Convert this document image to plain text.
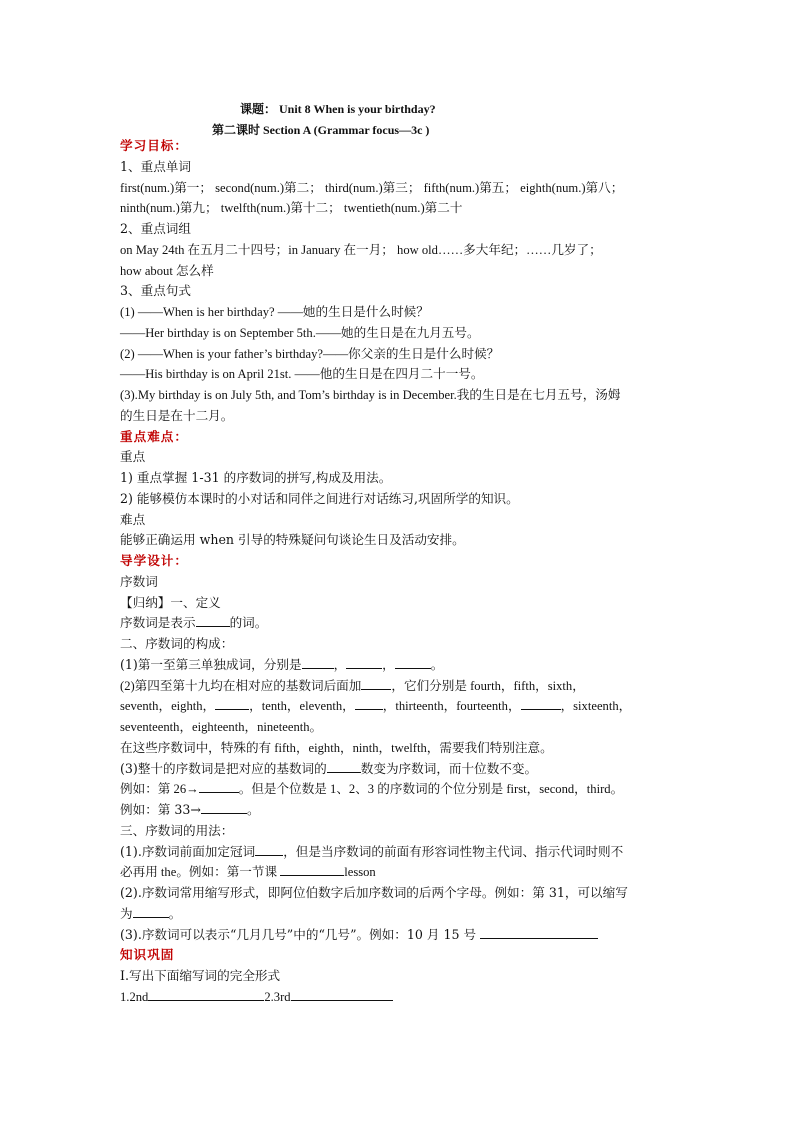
课题： Unit 8 When is your birthday?
第二课时 Section A (Grammar focus—3c )
学习目标：
1、重点单词
first(num.)第一； second(num.)第二； third(num.)第三； fifth(num.)第五； eighth(num.)第八；
ninth(num.)第九； twelfth(num.)第十二； twentieth(num.)第二十
2、重点词组
on May 24th 在五月二十四号；in January 在一月； how old……多大年纪；……几岁了；
how about 怎么样
3、重点句式
(1) ——When is her birthday? ——她的生日是什么时候？
——Her birthday is on September 5th.——她的生日是在九月五号。
(2) ——When is your father’s birthday?——你父亲的生日是什么时候？
——His birthday is on April 21st. ——他的生日是在四月二十一号。
(3).My birthday is on July 5th, and Tom’s birthday is in December.我的生日是在七月五号，汤姆
的生日是在十二月。
重点难点：
重点
1) 重点掌握 1-31 的序数词的拼写,构成及用法。
2) 能够模仿本课时的小对话和同伴之间进行对话练习,巩固所学的知识。
难点
能够正确运用 when 引导的特殊疑问句谈论生日及活动安排。
导学设计：
序数词
【归纳】一、定义
序数词是表示	的词。
二、序数词的构成：
(1)第一至第三单独成词，分别是	，	，	。
(2)第四至第十九均在相对应的基数词后面加 ，它们分别是 fourth，fifth，sixth，
seventh，eighth，	，tenth，eleventh， ，thirteenth，fourteenth，	，sixteenth，
seventeenth，eighteenth，nineteenth。
在这些序数词中，特殊的有 fifth，eighth，ninth，twelfth，需要我们特别注意。
(3)整十的序数词是把对应的基数词的	数变为序数词，而十位数不变。
例如：第 26→	。但是个位数是 1、2、3 的序数词的个位分别是 first，second，third。
例如：第 33→	。
三、序数词的用法：
(1).序数词前面加定冠词 ，但是当序数词的前面有形容词性物主代词、指示代词时则不
必再用 the。例如：第一节课	lesson
(2).序数词常用缩写形式，即阿位伯数字后加序数词的后两个字母。例如：第 31，可以缩写
为	。
(3).序数词可以表示“几月几号”中的“几号”。例如：10 月 15 号
知识巩固
Ⅰ.写出下面缩写词的完全形式
1.2nd	2.3rd
